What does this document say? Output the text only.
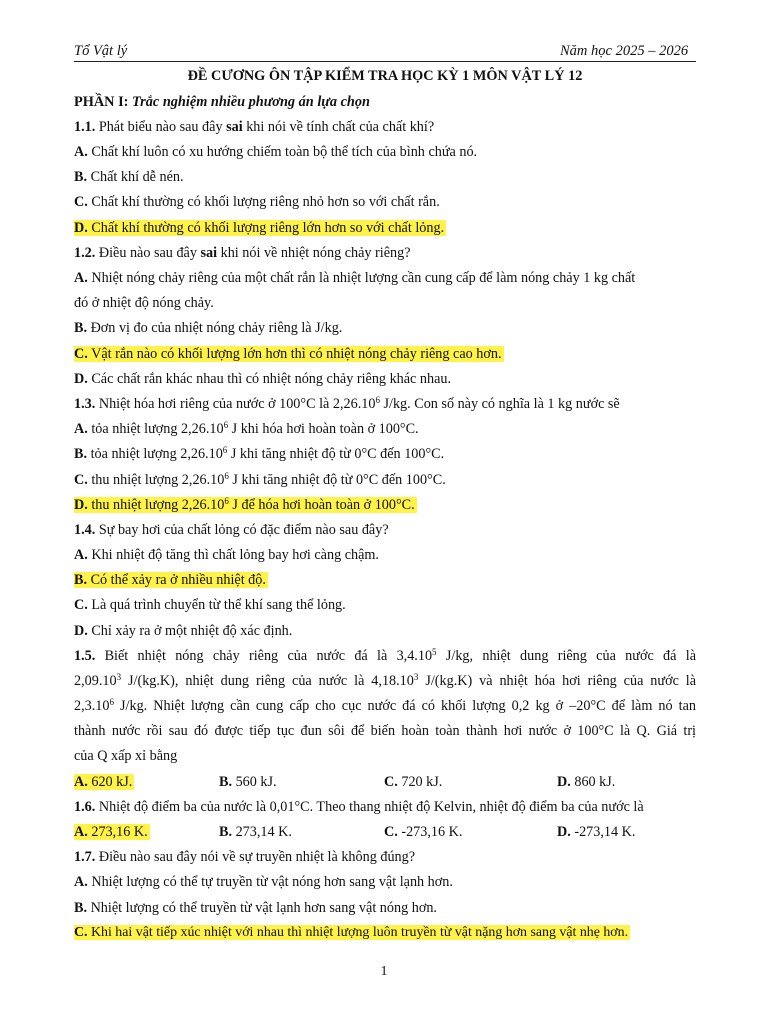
Tổ Vật lý	Năm học 2025 – 2026
ĐỀ CƯƠNG ÔN TẬP KIỂM TRA HỌC KỲ 1 MÔN VẬT LÝ 12
PHẦN I: Trắc nghiệm nhiều phương án lựa chọn
1.1. Phát biểu nào sau đây sai khi nói về tính chất của chất khí?
A. Chất khí luôn có xu hướng chiếm toàn bộ thể tích của bình chứa nó.
B. Chất khí dễ nén.
C. Chất khí thường có khối lượng riêng nhỏ hơn so với chất rắn.
D. Chất khí thường có khối lượng riêng lớn hơn so với chất lỏng.
1.2. Điều nào sau đây sai khi nói về nhiệt nóng chảy riêng?
A. Nhiệt nóng chảy riêng của một chất rắn là nhiệt lượng cần cung cấp để làm nóng chảy 1 kg chất
đó ở nhiệt độ nóng chảy.
B. Đơn vị đo của nhiệt nóng chảy riêng là J/kg.
C. Vật rắn nào có khối lượng lớn hơn thì có nhiệt nóng chảy riêng cao hơn.
D. Các chất rắn khác nhau thì có nhiệt nóng chảy riêng khác nhau.
1.3. Nhiệt hóa hơi riêng của nước ở 100°C là 2,26.10$^6$ J/kg. Con số này có nghĩa là 1 kg nước sẽ
A. tỏa nhiệt lượng 2,26.10$^6$ J khi hóa hơi hoàn toàn ở 100°C.
B. tỏa nhiệt lượng 2,26.10$^6$ J khi tăng nhiệt độ từ 0°C đến 100°C.
C. thu nhiệt lượng 2,26.10$^6$ J khi tăng nhiệt độ từ 0°C đến 100°C.
D. thu nhiệt lượng 2,26.10$^6$ J để hóa hơi hoàn toàn ở 100°C.
1.4. Sự bay hơi của chất lỏng có đặc điểm nào sau đây?
A. Khi nhiệt độ tăng thì chất lỏng bay hơi càng chậm.
B. Có thể xảy ra ở nhiều nhiệt độ.
C. Là quá trình chuyển từ thể khí sang thể lỏng.
D. Chỉ xảy ra ở một nhiệt độ xác định.
1.5. Biết nhiệt nóng chảy riêng của nước đá là 3,4.10$^5$ J/kg, nhiệt dung riêng của nước đá là
2,09.10$^3$ J/(kg.K), nhiệt dung riêng của nước là 4,18.10$^3$ J/(kg.K) và nhiệt hóa hơi riêng của nước là
2,3.10$^6$ J/kg. Nhiệt lượng cần cung cấp cho cục nước đá có khối lượng 0,2 kg ở –20°C để làm nó tan
thành nước rồi sau đó được tiếp tục đun sôi để biến hoàn toàn thành hơi nước ở 100°C là Q. Giá trị
của Q xấp xỉ bằng
A. 620 kJ.	B. 560 kJ.	C. 720 kJ.	D. 860 kJ.
1.6. Nhiệt độ điểm ba của nước là 0,01°C. Theo thang nhiệt độ Kelvin, nhiệt độ điểm ba của nước là
A. 273,16 K.	B. 273,14 K.	C. -273,16 K.	D. -273,14 K.
1.7. Điều nào sau đây nói về sự truyền nhiệt là không đúng?
A. Nhiệt lượng có thể tự truyền từ vật nóng hơn sang vật lạnh hơn.
B. Nhiệt lượng có thể truyền từ vật lạnh hơn sang vật nóng hơn.
C. Khi hai vật tiếp xúc nhiệt với nhau thì nhiệt lượng luôn truyền từ vật nặng hơn sang vật nhẹ hơn.
1
